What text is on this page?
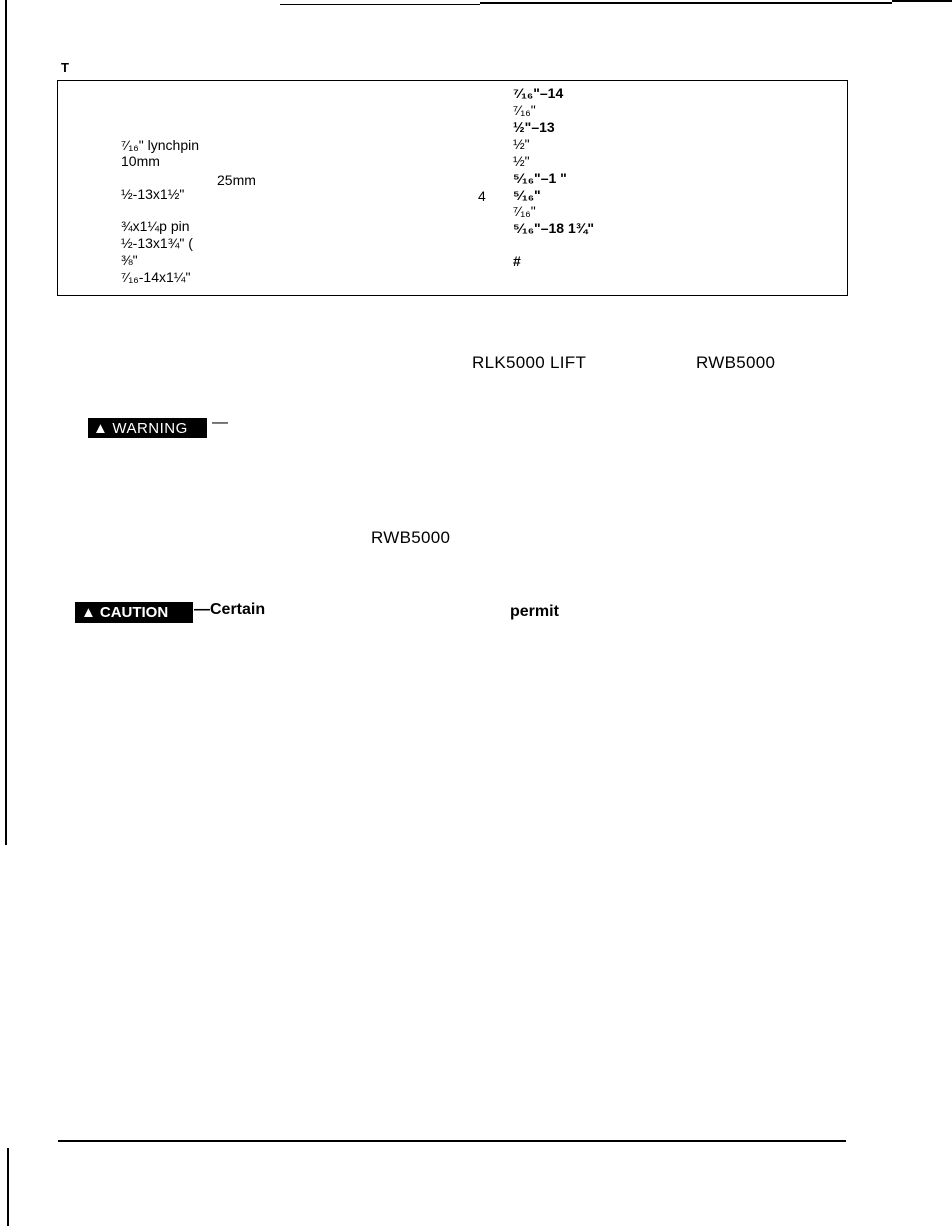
T
⁷⁄₁₆" lynchpin
10mm
25mm
½-13x1½"
¾x1¼p pin
½-13x1¾" (
⅜"
⁷⁄₁₆-14x1¼"
4
⁷⁄₁₆"–14
⁷⁄₁₆"
½"–13
½"
½"
⁵⁄₁₆"–1 "
⁵⁄₁₆"
⁷⁄₁₆"
⁵⁄₁₆"–18 1¾"
#
RLK5000 LIFT	RWB5000
▲ WARNING —
RWB5000
▲ CAUTION —Certain	permit
